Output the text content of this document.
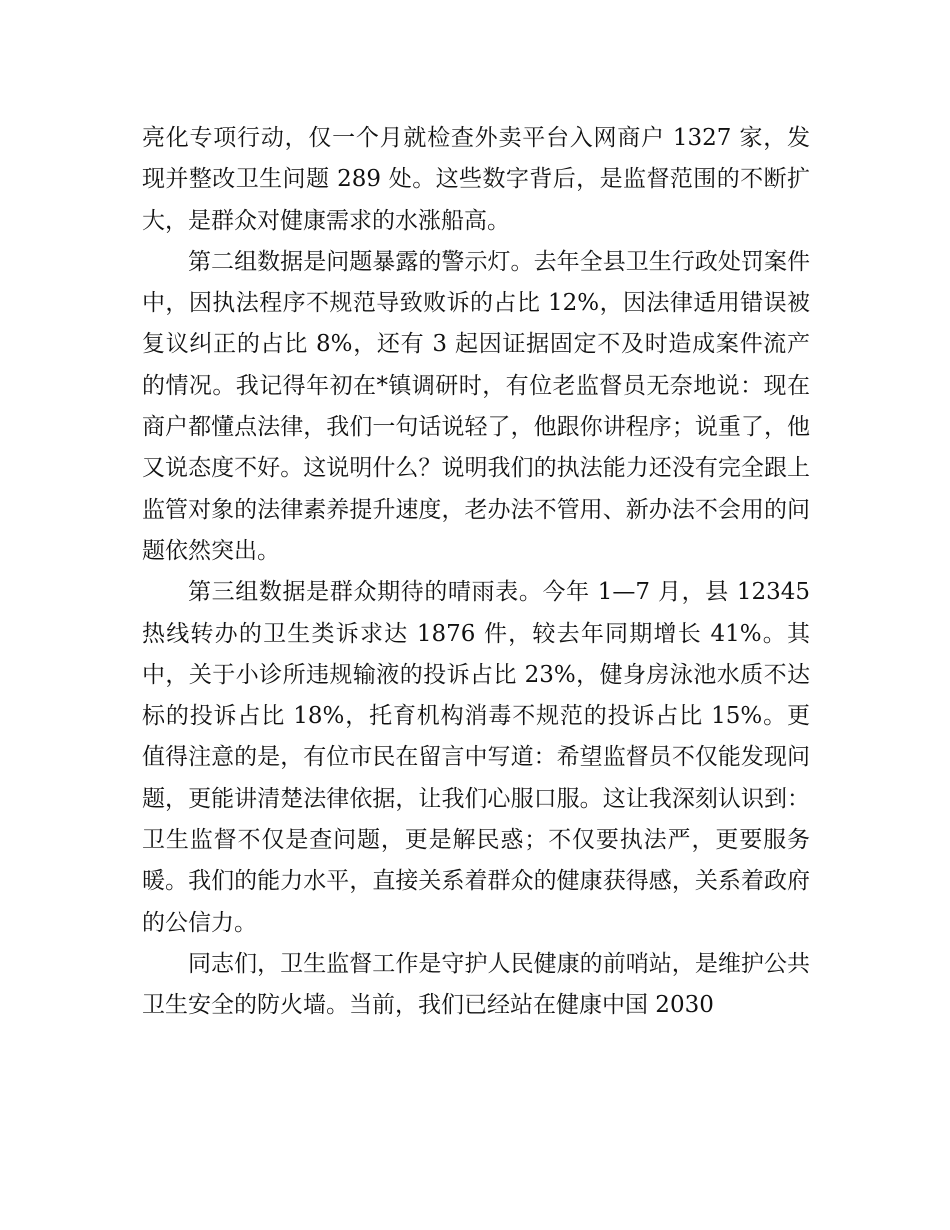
亮化专项行动，仅一个月就检查外卖平台入网商户 1327 家，发现并整改卫生问题 289 处。这些数字背后，是监督范围的不断扩大，是群众对健康需求的水涨船高。

第二组数据是问题暴露的警示灯。去年全县卫生行政处罚案件中，因执法程序不规范导致败诉的占比 12%，因法律适用错误被复议纠正的占比 8%，还有 3 起因证据固定不及时造成案件流产的情况。我记得年初在*镇调研时，有位老监督员无奈地说：现在商户都懂点法律，我们一句话说轻了，他跟你讲程序；说重了，他又说态度不好。这说明什么？说明我们的执法能力还没有完全跟上监管对象的法律素养提升速度，老办法不管用、新办法不会用的问题依然突出。

第三组数据是群众期待的晴雨表。今年 1—7 月，县 12345 热线转办的卫生类诉求达 1876 件，较去年同期增长 41%。其中，关于小诊所违规输液的投诉占比 23%，健身房泳池水质不达标的投诉占比 18%，托育机构消毒不规范的投诉占比 15%。更值得注意的是，有位市民在留言中写道：希望监督员不仅能发现问题，更能讲清楚法律依据，让我们心服口服。这让我深刻认识到：卫生监督不仅是查问题，更是解民惑；不仅要执法严，更要服务暖。我们的能力水平，直接关系着群众的健康获得感，关系着政府的公信力。

同志们，卫生监督工作是守护人民健康的前哨站，是维护公共卫生安全的防火墙。当前，我们已经站在健康中国 2030
